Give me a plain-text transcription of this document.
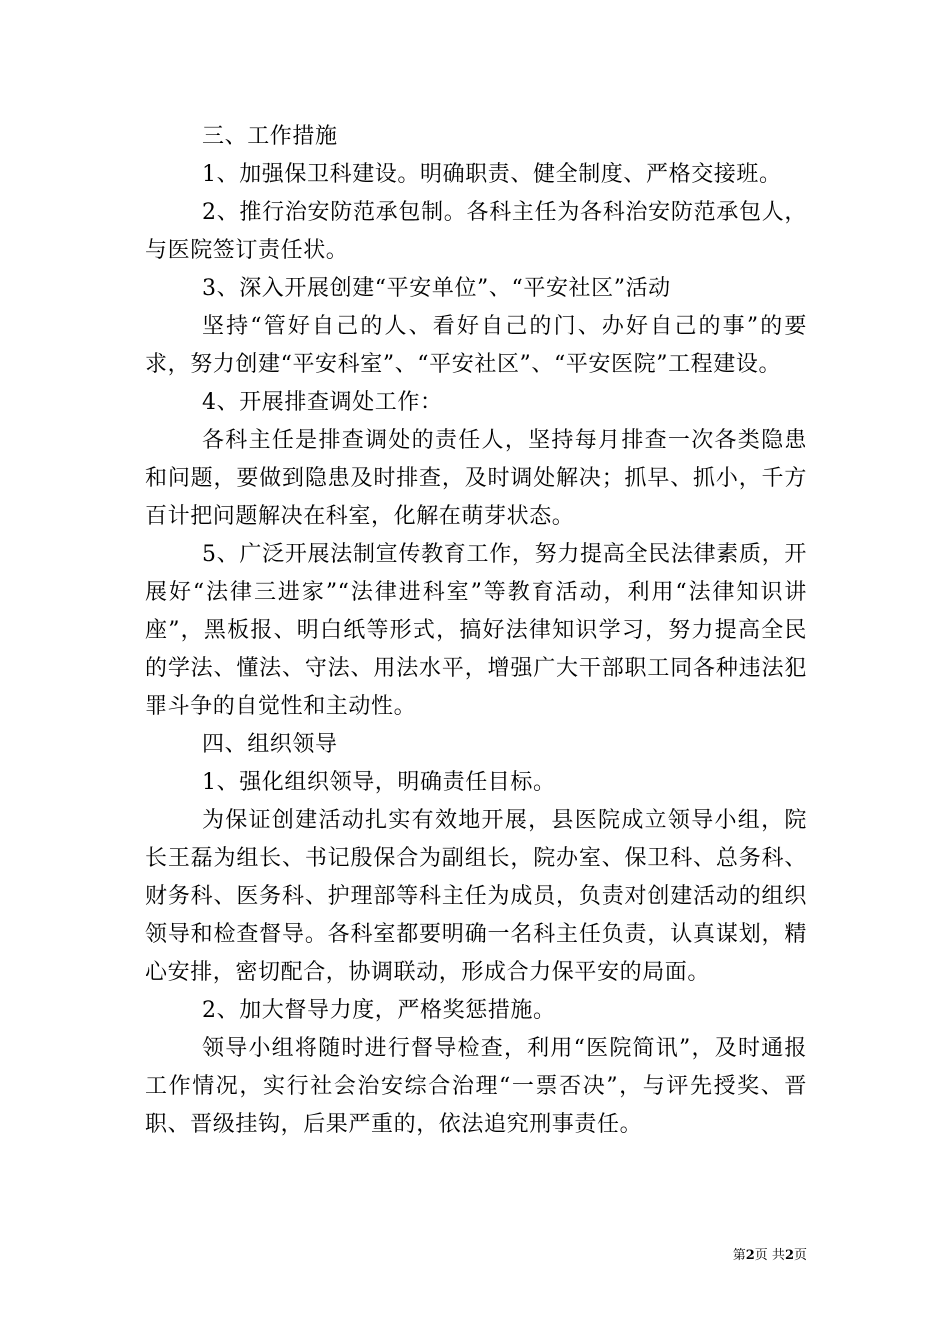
三、工作措施

1、加强保卫科建设。明确职责、健全制度、严格交接班。

2、推行治安防范承包制。各科主任为各科治安防范承包人，与医院签订责任状。

3、深入开展创建“平安单位”、“平安社区”活动

坚持“管好自己的人、看好自己的门、办好自己的事”的要求，努力创建“平安科室”、“平安社区”、“平安医院”工程建设。

4、开展排查调处工作：

各科主任是排查调处的责任人，坚持每月排查一次各类隐患和问题，要做到隐患及时排查，及时调处解决；抓早、抓小，千方百计把问题解决在科室，化解在萌芽状态。

5、广泛开展法制宣传教育工作，努力提高全民法律素质，开展好“法律三进家”“法律进科室”等教育活动，利用“法律知识讲座”，黑板报、明白纸等形式，搞好法律知识学习，努力提高全民的学法、懂法、守法、用法水平，增强广大干部职工同各种违法犯罪斗争的自觉性和主动性。

四、组织领导

1、强化组织领导，明确责任目标。

为保证创建活动扎实有效地开展，县医院成立领导小组，院长王磊为组长、书记殷保合为副组长，院办室、保卫科、总务科、财务科、医务科、护理部等科主任为成员，负责对创建活动的组织领导和检查督导。各科室都要明确一名科主任负责，认真谋划，精心安排，密切配合，协调联动，形成合力保平安的局面。

2、加大督导力度，严格奖惩措施。

领导小组将随时进行督导检查，利用“医院简讯”，及时通报工作情况，实行社会治安综合治理“一票否决”，与评先授奖、晋职、晋级挂钩，后果严重的，依法追究刑事责任。

第2页 共2页
